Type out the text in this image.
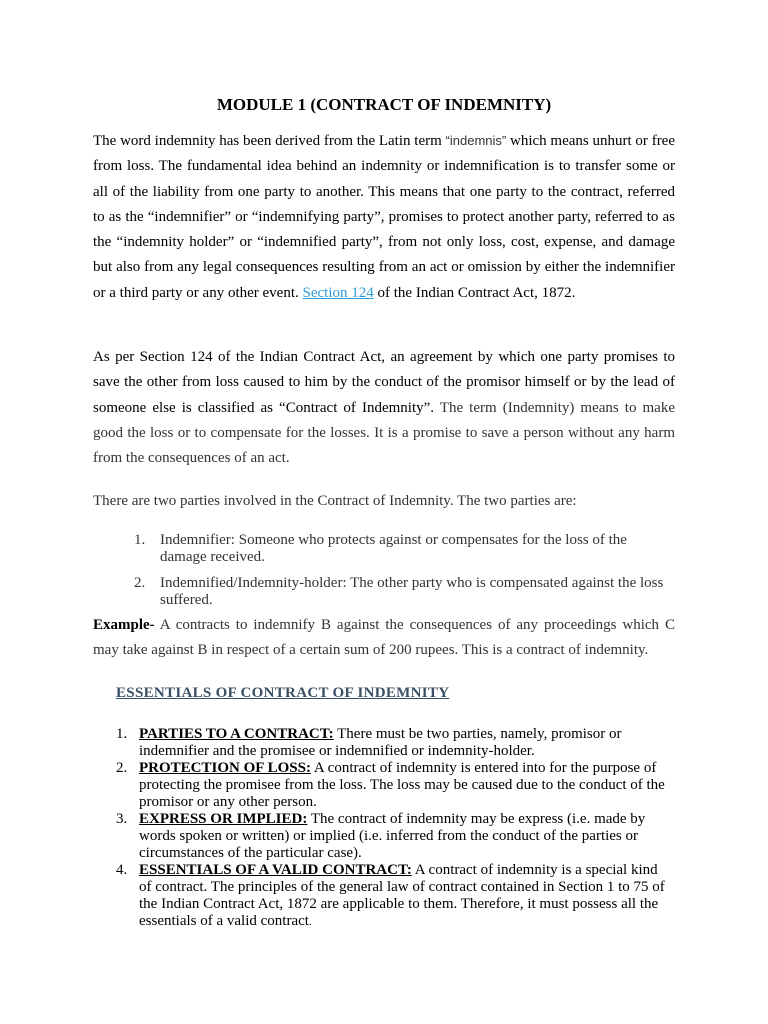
MODULE 1 (CONTRACT OF INDEMNITY)
The word indemnity has been derived from the Latin term “indemnis” which means unhurt or free from loss. The fundamental idea behind an indemnity or indemnification is to transfer some or all of the liability from one party to another. This means that one party to the contract, referred to as the “indemnifier” or “indemnifying party”, promises to protect another party, referred to as the “indemnity holder” or “indemnified party”, from not only loss, cost, expense, and damage but also from any legal consequences resulting from an act or omission by either the indemnifier or a third party or any other event. Section 124 of the Indian Contract Act, 1872.
As per Section 124 of the Indian Contract Act, an agreement by which one party promises to save the other from loss caused to him by the conduct of the promisor himself or by the lead of someone else is classified as “Contract of Indemnity”. The term (Indemnity) means to make good the loss or to compensate for the losses. It is a promise to save a person without any harm from the consequences of an act.
There are two parties involved in the Contract of Indemnity. The two parties are:
1. Indemnifier: Someone who protects against or compensates for the loss of the damage received.
2. Indemnified/Indemnity-holder: The other party who is compensated against the loss suffered.
Example- A contracts to indemnify B against the consequences of any proceedings which C may take against B in respect of a certain sum of 200 rupees. This is a contract of indemnity.
ESSENTIALS OF CONTRACT OF INDEMNITY
1. PARTIES TO A CONTRACT: There must be two parties, namely, promisor or indemnifier and the promisee or indemnified or indemnity-holder.
2. PROTECTION OF LOSS: A contract of indemnity is entered into for the purpose of protecting the promisee from the loss. The loss may be caused due to the conduct of the promisor or any other person.
3. EXPRESS OR IMPLIED: The contract of indemnity may be express (i.e. made by words spoken or written) or implied (i.e. inferred from the conduct of the parties or circumstances of the particular case).
4. ESSENTIALS OF A VALID CONTRACT: A contract of indemnity is a special kind of contract. The principles of the general law of contract contained in Section 1 to 75 of the Indian Contract Act, 1872 are applicable to them. Therefore, it must possess all the essentials of a valid contract.
